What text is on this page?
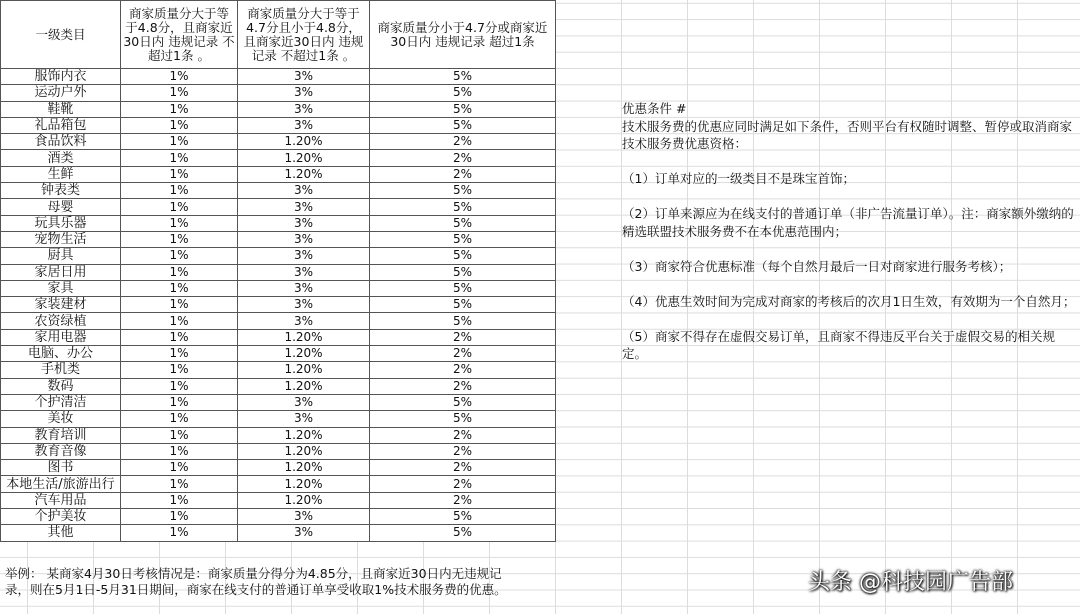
一级类目	商家质量分大于等于4.8分，且商家近30日内 违规记录 不超过1条 。	商家质量分大于等于4.7分且小于4.8分，且商家近30日内 违规记录 不超过1条 。	商家质量分小于4.7分或商家近30日内 违规记录 超过1条
服饰内衣	1%	3%	5%
运动户外	1%	3%	5%
鞋靴	1%	3%	5%
礼品箱包	1%	3%	5%
食品饮料	1%	1.20%	2%
酒类	1%	1.20%	2%
生鲜	1%	1.20%	2%
钟表类	1%	3%	5%
母婴	1%	3%	5%
玩具乐器	1%	3%	5%
宠物生活	1%	3%	5%
厨具	1%	3%	5%
家居日用	1%	3%	5%
家具	1%	3%	5%
家装建材	1%	3%	5%
农资绿植	1%	3%	5%
家用电器	1%	1.20%	2%
电脑、办公	1%	1.20%	2%
手机类	1%	1.20%	2%
数码	1%	1.20%	2%
个护清洁	1%	3%	5%
美妆	1%	3%	5%
教育培训	1%	1.20%	2%
教育音像	1%	1.20%	2%
图书	1%	1.20%	2%
本地生活/旅游出行	1%	1.20%	2%
汽车用品	1%	1.20%	2%
个护美妆	1%	3%	5%
其他	1%	3%	5%

优惠条件 #

技术服务费的优惠应同时满足如下条件，否则平台有权随时调整、暂停或取消商家技术服务费优惠资格：

（1）订单对应的一级类目不是珠宝首饰；

（2）订单来源应为在线支付的普通订单（非广告流量订单）。注：商家额外缴纳的精选联盟技术服务费不在本优惠范围内；

（3）商家符合优惠标准（每个自然月最后一日对商家进行服务考核）；

（4）优惠生效时间为完成对商家的考核后的次月1日生效，有效期为一个自然月；

（5）商家不得存在虚假交易订单，且商家不得违反平台关于虚假交易的相关规定。

举例： 某商家4月30日考核情况是：商家质量分得分为4.85分，且商家近30日内无违规记

录，则在5月1日-5月31日期间，商家在线支付的普通订单享受收取1%技术服务费的优惠。	头条 @科技园广告部
